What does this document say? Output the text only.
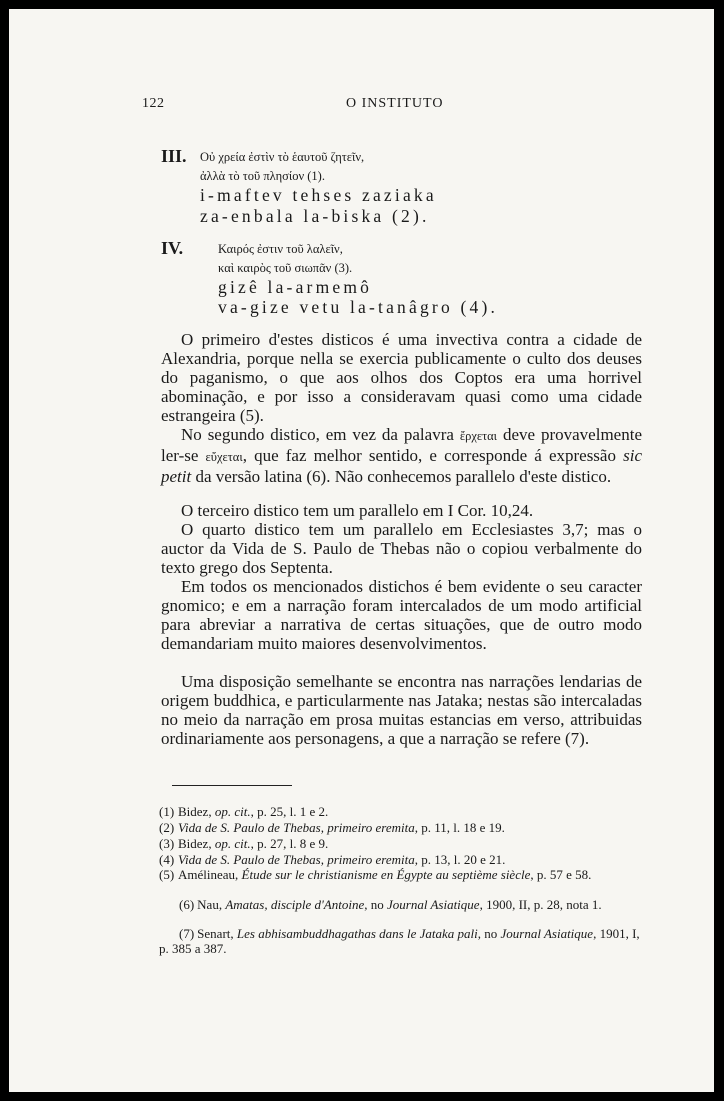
122	O INSTITUTO
III. Οὐ χρεία ἐστὶν τὸ ἑαυτοῦ ζητεῖν,
ἀλλὰ τὸ τοῦ πλησίον (1).
i-maftev tehses zaziaka
za-enbala la-biska (2).
IV.	Καιρός ἐστιν τοῦ λαλεῖν,
καὶ καιρὸς τοῦ σιωπᾶν (3).
gizê la-armemô
va-gize vetu la-tanâgro (4).
O primeiro d'estes disticos é uma invectiva contra a cidade de Alexandria, porque nella se exercia publicamente o culto dos deuses do paganismo, o que aos olhos dos Coptos era uma horrivel abominação, e por isso a consideravam quasi como uma cidade estrangeira (5).
No segundo distico, em vez da palavra ἔρχεται deve provavelmente ler-se εὔχεται, que faz melhor sentido, e corresponde á expressão sic petit da versão latina (6). Não conhecemos parallelo d'este distico.
O terceiro distico tem um parallelo em I Cor. 10,24.
O quarto distico tem um parallelo em Ecclesiastes 3,7; mas o auctor da Vida de S. Paulo de Thebas não o copiou verbalmente do texto grego dos Septenta.
Em todos os mencionados distichos é bem evidente o seu caracter gnomico; e em a narração foram intercalados de um modo artificial para abreviar a narrativa de certas situações, que de outro modo demandariam muito maiores desenvolvimentos.
Uma disposição semelhante se encontra nas narrações lendarias de origem buddhica, e particularmente nas Jataka; nestas são intercaladas no meio da narração em prosa muitas estancias em verso, attribuidas ordinariamente aos personagens, a que a narração se refere (7).
(1) Bidez, op. cit., p. 25, l. 1 e 2.
(2) Vida de S. Paulo de Thebas, primeiro eremita, p. 11, l. 18 e 19.
(3) Bidez, op. cit., p. 27, l. 8 e 9.
(4) Vida de S. Paulo de Thebas, primeiro eremita, p. 13, l. 20 e 21.
(5) Amélineau, Étude sur le christianisme en Égypte au septième siècle, p. 57 e 58.
(6) Nau, Amatas, disciple d'Antoine, no Journal Asiatique, 1900, II, p. 28, nota 1.
(7) Senart, Les abhisambuddhagathas dans le Jataka pali, no Journal Asiatique, 1901, I, p. 385 a 387.
